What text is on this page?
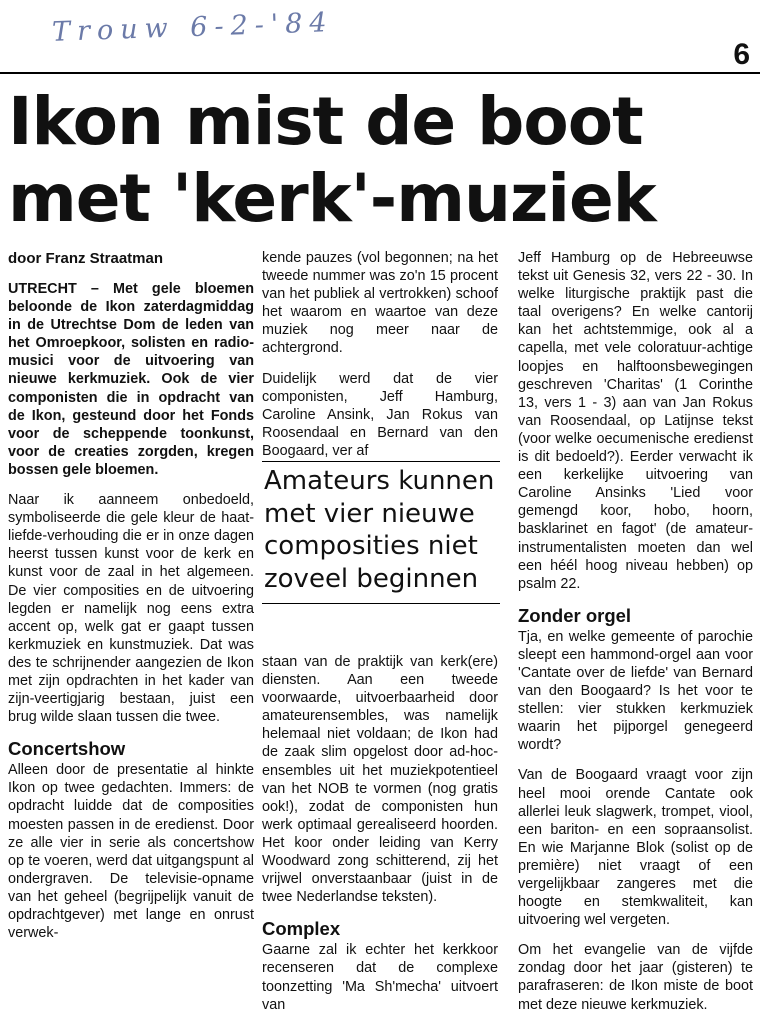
Trouw 6-2-'84
6
Ikon mist de boot
met 'kerk'-muziek
door Franz Straatman

UTRECHT – Met gele bloemen beloonde de Ikon zaterdagmiddag in de Utrechtse Dom de leden van het Omroepkoor, solisten en radio-musici voor de uitvoering van nieuwe kerkmuziek. Ook de vier componisten die in opdracht van de Ikon, gesteund door het Fonds voor de scheppende toonkunst, voor de creaties zorgden, kregen bossen gele bloemen.

Naar ik aanneem onbedoeld, symboliseerde die gele kleur de haat-liefde-verhouding die er in onze dagen heerst tussen kunst voor de kerk en kunst voor de zaal in het algemeen. De vier composities en de uitvoering legden er namelijk nog eens extra accent op, welk gat er gaapt tussen kerkmuziek en kunstmuziek. Dat was des te schrijnender aangezien de Ikon met zijn opdrachten in het kader van zijn-veertigjarig bestaan, juist een brug wilde slaan tussen die twee.

Concertshow

Alleen door de presentatie al hinkte Ikon op twee gedachten. Immers: de opdracht luidde dat de composities moesten passen in de eredienst. Door ze alle vier in serie als concertshow op te voeren, werd dat uitgangspunt al ondergraven. De televisie-opname van het geheel (begrijpelijk vanuit de opdrachtgever) met lange en onrust verwek-

kende pauzes (vol begonnen; na het tweede nummer was zo'n 15 procent van het publiek al vertrokken) schoof het waarom en waartoe van deze muziek nog meer naar de achtergrond.

Duidelijk werd dat de vier componisten, Jeff Hamburg, Caroline Ansink, Jan Rokus van Roosendaal en Bernard van den Boogaard, ver af

Amateurs kunnen met vier nieuwe composities niet zoveel beginnen

staan van de praktijk van kerk(ere) diensten. Aan een tweede voorwaarde, uitvoerbaarheid door amateurensembles, was namelijk helemaal niet voldaan; de Ikon had de zaak slim opgelost door ad-hoc-ensembles uit het muziekpotentieel van het NOB te vormen (nog gratis ook!), zodat de componisten hun werk optimaal gerealiseerd hoorden. Het koor onder leiding van Kerry Woodward zong schitterend, zij het vrijwel onverstaanbaar (juist in de twee Nederlandse teksten).

Complex

Gaarne zal ik echter het kerkkoor recenseren dat de complexe toonzetting 'Ma Sh'mecha' uitvoert van

Jeff Hamburg op de Hebreeuwse tekst uit Genesis 32, vers 22 - 30. In welke liturgische praktijk past die taal overigens? En welke cantorij kan het achtstemmige, ook al a capella, met vele coloratuur-achtige loopjes en halftoonsbewegingen geschreven 'Charitas' (1 Corinthe 13, vers 1 - 3) aan van Jan Rokus van Roosendaal, op Latijnse tekst (voor welke oecumenische eredienst is dit bedoeld?). Eerder verwacht ik een kerkelijke uitvoering van Caroline Ansinks 'Lied voor gemengd koor, hobo, hoorn, basklarinet en fagot' (de amateur-instrumentalisten moeten dan wel een héél hoog niveau hebben) op psalm 22.

Zonder orgel

Tja, en welke gemeente of parochie sleept een hammond-orgel aan voor 'Cantate over de liefde' van Bernard van den Boogaard? Is het voor te stellen: vier stukken kerkmuziek waarin het pijporgel genegeerd wordt?

Van de Boogaard vraagt voor zijn heel mooi orende Cantate ook allerlei leuk slagwerk, trompet, viool, een bariton- en een sopraansolist. En wie Marjanne Blok (solist op de première) niet vraagt of een vergelijkbaar zangeres met die hoogte en stemkwaliteit, kan uitvoering wel vergeten.

Om het evangelie van de vijfde zondag door het jaar (gisteren) te parafraseren: de Ikon miste de boot met deze nieuwe kerkmuziek.
